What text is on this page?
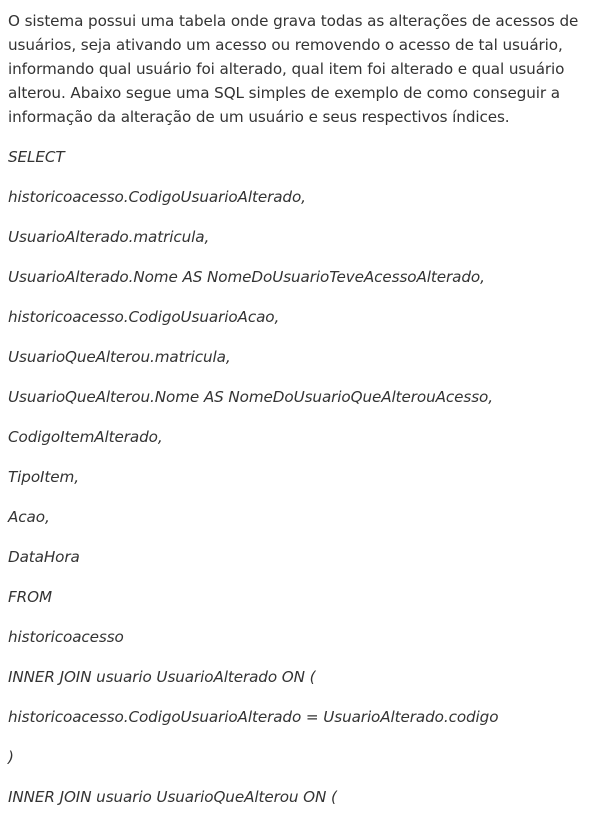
O sistema possui uma tabela onde grava todas as alterações de acessos de usuários, seja ativando um acesso ou removendo o acesso de tal usuário, informando qual usuário foi alterado, qual item foi alterado e qual usuário alterou. Abaixo segue uma SQL simples de exemplo de como conseguir a informação da alteração de um usuário e seus respectivos índices.

SELECT

historicoacesso.CodigoUsuarioAlterado,

UsuarioAlterado.matricula,

UsuarioAlterado.Nome AS NomeDoUsuarioTeveAcessoAlterado,

historicoacesso.CodigoUsuarioAcao,

UsuarioQueAlterou.matricula,

UsuarioQueAlterou.Nome AS NomeDoUsuarioQueAlterouAcesso,

CodigoItemAlterado,

TipoItem,

Acao,

DataHora

FROM

historicoacesso

INNER JOIN usuario UsuarioAlterado ON (

historicoacesso.CodigoUsuarioAlterado = UsuarioAlterado.codigo

)

INNER JOIN usuario UsuarioQueAlterou ON (
